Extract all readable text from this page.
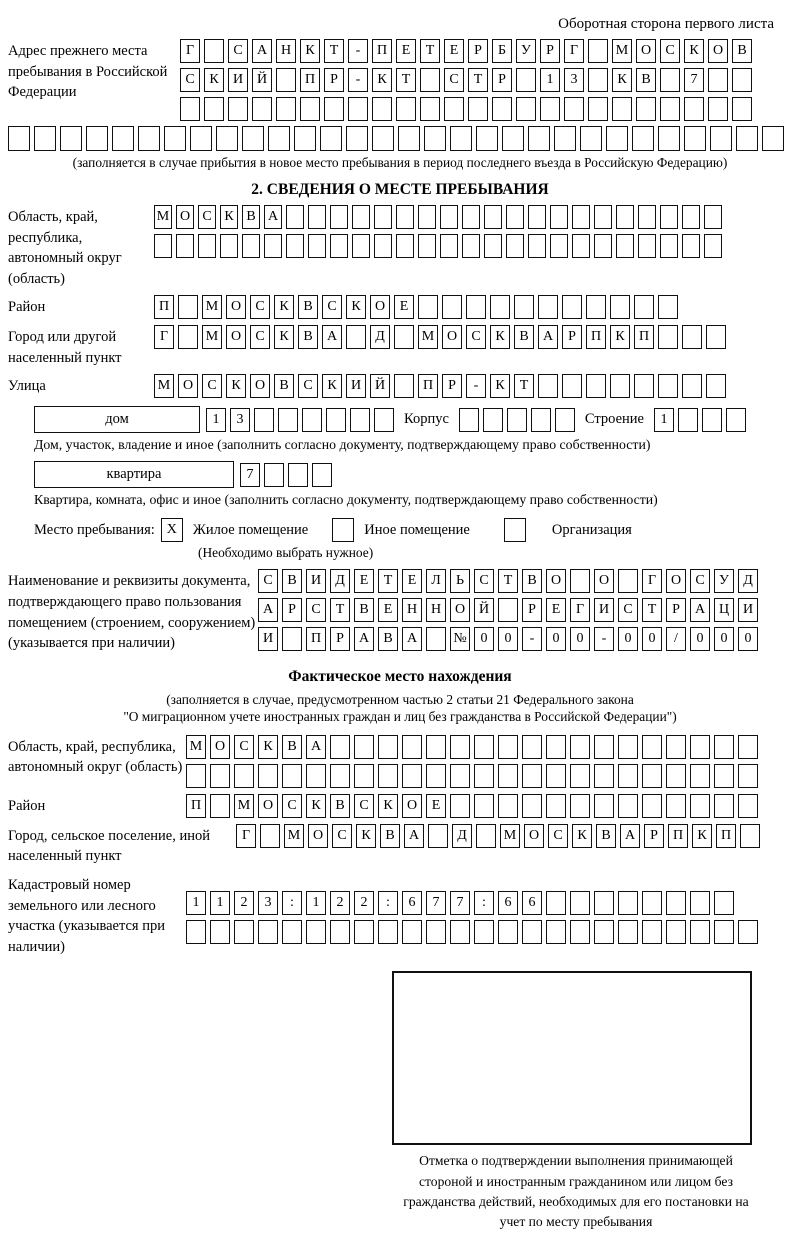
Оборотная сторона первого листа
Адрес прежнего места пребывания в Российской Федерации
Г	С	А Н	К	Т	-	П	Е	Т	Е	Р	Б	У	Р	Г	М О	С	К	О	В
С	К	И Й	П	Р	-	К	Т	С	Т	Р	1	3	К	В	7
(заполняется в случае прибытия в новое место пребывания в период последнего въезда в Российскую Федерацию)
2. СВЕДЕНИЯ О МЕСТЕ ПРЕБЫВАНИЯ
Область, край, республика, автономный округ (область)
М О С К В А
Район	П	М О	С	К	В	С	К	О	Е
Город или другой населенный пункт
Г	М О	С	К	В	А	Д	М О	С	К	В	А	Р	П	К	П
Улица	М О	С	К	О	В	С	К	И Й	П	Р	-	К	Т
дом	1	3	Корпус	Строение	1
Дом, участок, владение и иное (заполнить согласно документу, подтверждающему право собственности)
квартира	7
Квартира, комната, офис и иное (заполнить согласно документу, подтверждающему право собственности)
Место пребывания: X	Жилое помещение	Иное помещение	Организация
(Необходимо выбрать нужное)
Наименование и реквизиты документа, подтверждающего право пользования помещением (строением, сооружением) (указывается при наличии)
С	В	И	Д	Е	Т	Е	Л	Ь	С	Т	В	О	О	Г	О	С	У	Д
А	Р	С	Т	В	Е	Н Н О Й	Р	Е	Г	И	С	Т	Р	А Ц И
И	П	Р	А	В	А	№ 0	0	-	0	0	-	0	0	/	0	0	0
Фактическое место нахождения
(заполняется в случае, предусмотренном частью 2 статьи 21 Федерального закона
"О миграционном учете иностранных граждан и лиц без гражданства в Российской Федерации")
Область, край, республика, автономный округ (область)
М О	С	К	В	А
Район	П	М О	С	К	В	С	К	О	Е
Город, сельское поселение, иной населенный пункт
Г	М О	С	К	В	А	Д	М О	С	К	В	А	Р	П	К	П
Кадастровый номер земельного или лесного участка (указывается при наличии)
1	1	2	3	:	1	2	2	:	6	7	7	:	6	6
Отметка о подтверждении выполнения принимающей стороной и иностранным гражданином или лицом без гражданства действий, необходимых для его постановки на учет по месту пребывания
